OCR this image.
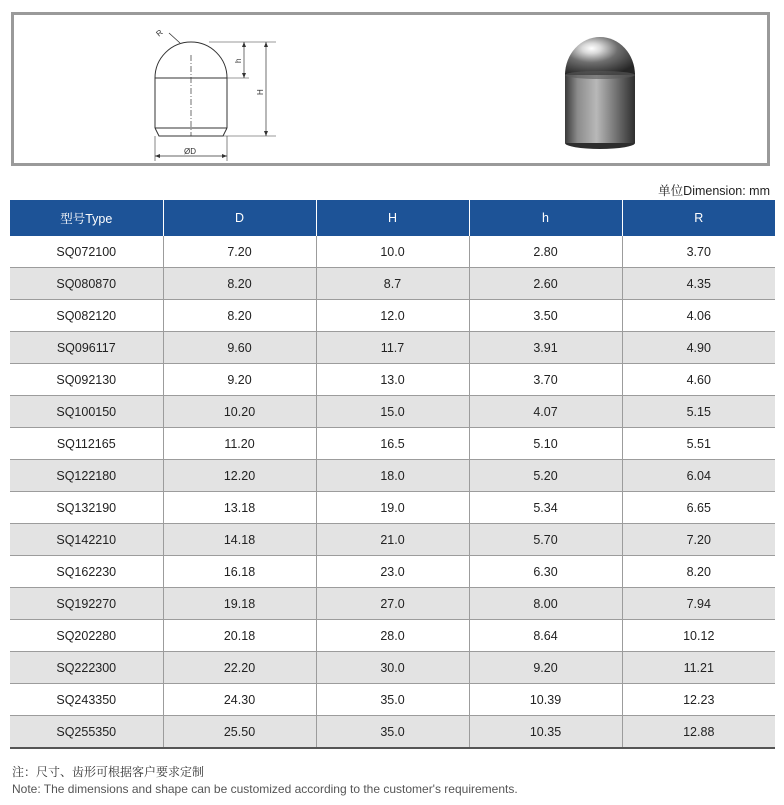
R
h
H
ØD
单位Dimension: mm
型号Type	D	H	h	R
SQ072100	7.20	10.0	2.80	3.70
SQ080870	8.20	8.7	2.60	4.35
SQ082120	8.20	12.0	3.50	4.06
SQ096117	9.60	11.7	3.91	4.90
SQ092130	9.20	13.0	3.70	4.60
SQ100150	10.20	15.0	4.07	5.15
SQ112165	11.20	16.5	5.10	5.51
SQ122180	12.20	18.0	5.20	6.04
SQ132190	13.18	19.0	5.34	6.65
SQ142210	14.18	21.0	5.70	7.20
SQ162230	16.18	23.0	6.30	8.20
SQ192270	19.18	27.0	8.00	7.94
SQ202280	20.18	28.0	8.64	10.12
SQ222300	22.20	30.0	9.20	11.21
SQ243350	24.30	35.0	10.39	12.23
SQ255350	25.50	35.0	10.35	12.88
注：尺寸、齿形可根据客户要求定制
Note: The dimensions and shape can be customized according to the customer's requirements.
